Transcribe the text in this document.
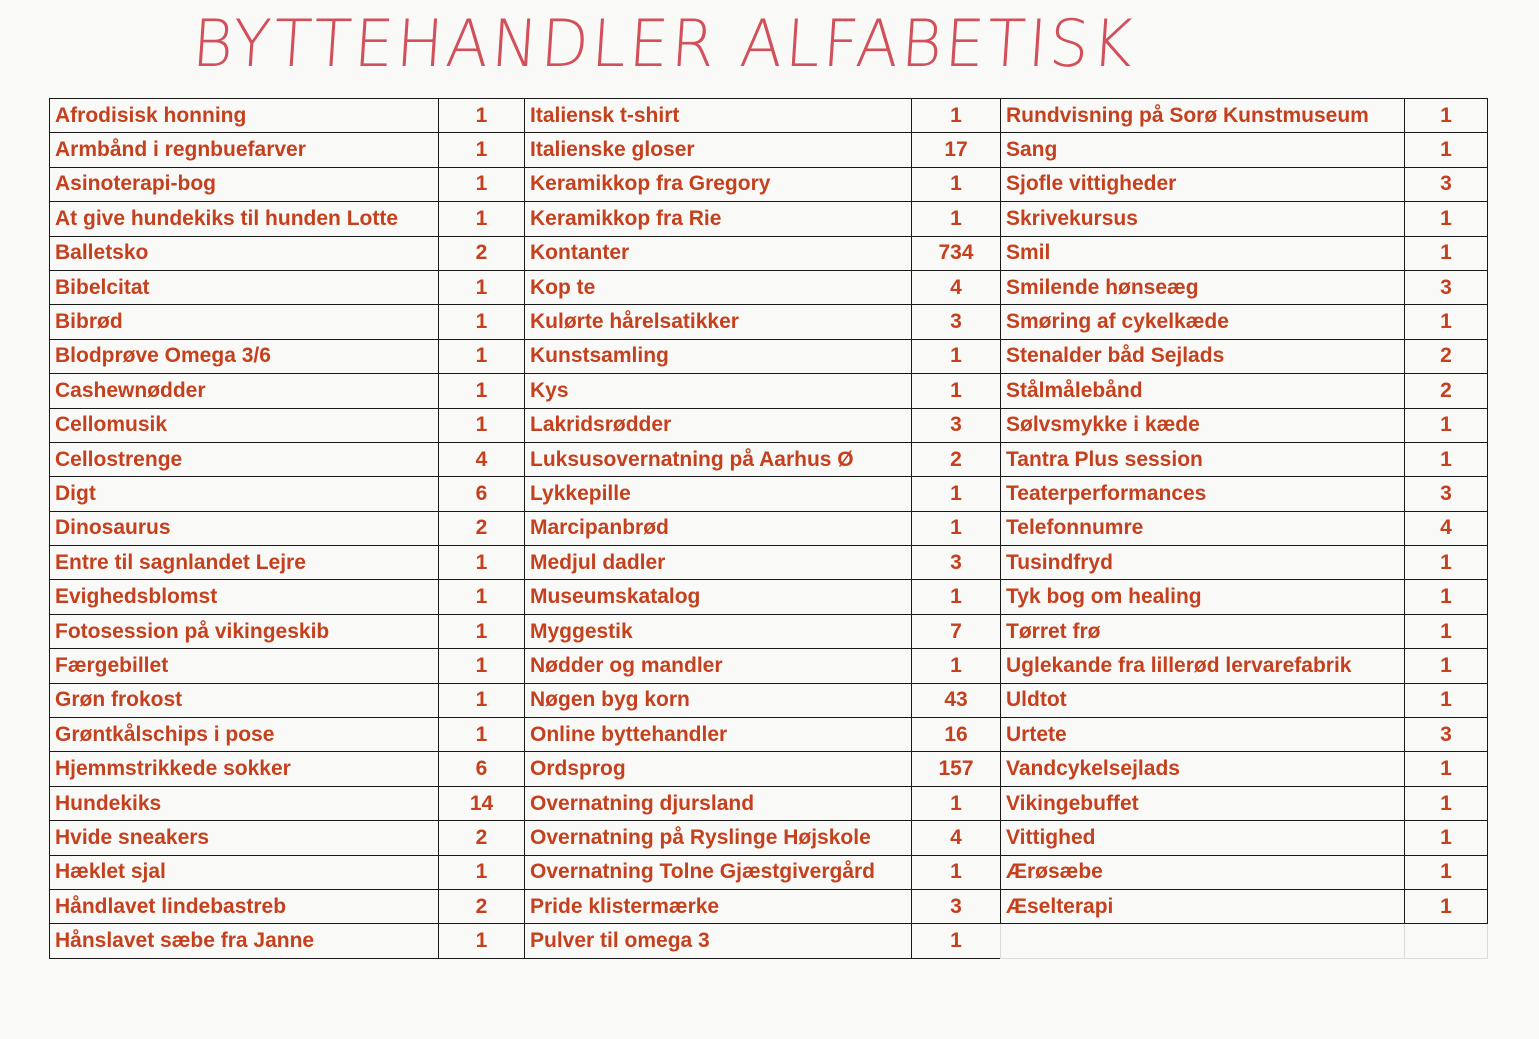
BYTTEHANDLER ALFABETISK
Afrodisisk honning	1
Armbånd i regnbuefarver	1
Asinoterapi-bog	1
At give hundekiks til hunden Lotte	1
Balletsko	2
Bibelcitat	1
Bibrød	1
Blodprøve Omega 3/6	1
Cashewnødder	1
Cellomusik	1
Cellostrenge	4
Digt	6
Dinosaurus	2
Entre til sagnlandet Lejre	1
Evighedsblomst	1
Fotosession på vikingeskib	1
Færgebillet	1
Grøn frokost	1
Grøntkålschips i pose	1
Hjemmstrikkede sokker	6
Hundekiks	14
Hvide sneakers	2
Hæklet sjal	1
Håndlavet lindebastreb	2
Hånslavet sæbe fra Janne	1
Italiensk t-shirt	1
Italienske gloser	17
Keramikkop fra Gregory	1
Keramikkop fra Rie	1
Kontanter	734
Kop te	4
Kulørte hårelsatikker	3
Kunstsamling	1
Kys	1
Lakridsrødder	3
Luksusovernatning på Aarhus Ø	2
Lykkepille	1
Marcipanbrød	1
Medjul dadler	3
Museumskatalog	1
Myggestik	7
Nødder og mandler	1
Nøgen byg korn	43
Online byttehandler	16
Ordsprog	157
Overnatning djursland	1
Overnatning på Ryslinge Højskole	4
Overnatning Tolne Gjæstgivergård	1
Pride klistermærke	3
Pulver til omega 3	1
Rundvisning på Sorø Kunstmuseum	1
Sang	1
Sjofle vittigheder	3
Skrivekursus	1
Smil	1
Smilende hønseæg	3
Smøring af cykelkæde	1
Stenalder båd Sejlads	2
Stålmålebånd	2
Sølvsmykke i kæde	1
Tantra Plus session	1
Teaterperformances	3
Telefonnumre	4
Tusindfryd	1
Tyk bog om healing	1
Tørret frø	1
Uglekande fra lillerød lervarefabrik	1
Uldtot	1
Urtete	3
Vandcykelsejlads	1
Vikingebuffet	1
Vittighed	1
Ærøsæbe	1
Æselterapi	1
